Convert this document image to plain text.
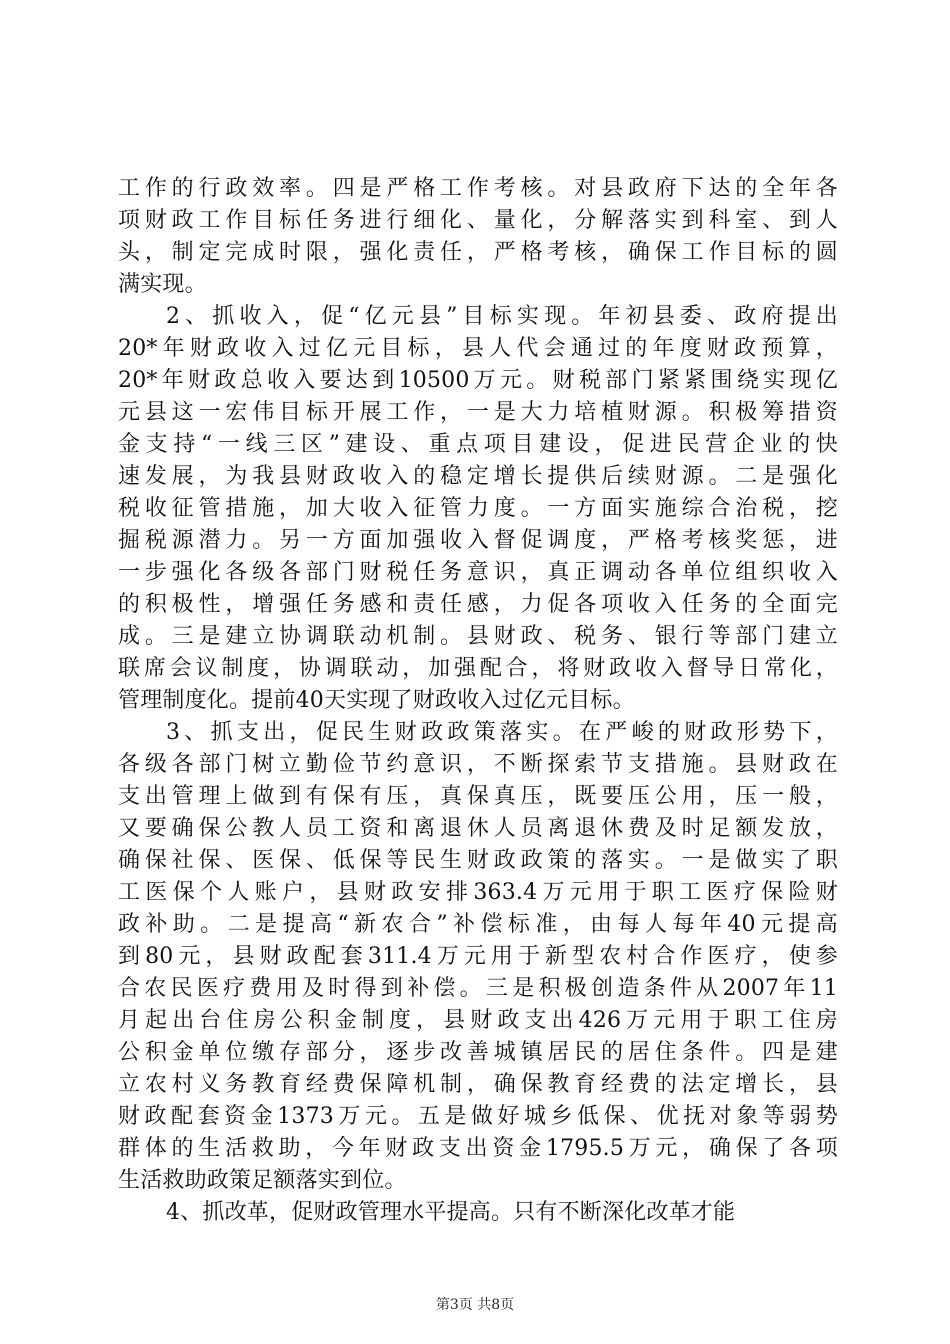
工作的行政效率。四是严格工作考核。对县政府下达的全年各
项财政工作目标任务进行细化、量化，分解落实到科室、到人
头，制定完成时限，强化责任，严格考核，确保工作目标的圆
满实现。
2、抓收入，促“亿元县”目标实现。年初县委、政府提出
20*年财政收入过亿元目标，县人代会通过的年度财政预算，
20*年财政总收入要达到10500万元。财税部门紧紧围绕实现亿
元县这一宏伟目标开展工作，一是大力培植财源。积极筹措资
金支持“一线三区”建设、重点项目建设，促进民营企业的快
速发展，为我县财政收入的稳定增长提供后续财源。二是强化
税收征管措施，加大收入征管力度。一方面实施综合治税，挖
掘税源潜力。另一方面加强收入督促调度，严格考核奖惩，进
一步强化各级各部门财税任务意识，真正调动各单位组织收入
的积极性，增强任务感和责任感，力促各项收入任务的全面完
成。三是建立协调联动机制。县财政、税务、银行等部门建立
联席会议制度，协调联动，加强配合，将财政收入督导日常化，
管理制度化。提前40天实现了财政收入过亿元目标。
3、抓支出，促民生财政政策落实。在严峻的财政形势下，
各级各部门树立勤俭节约意识，不断探索节支措施。县财政在
支出管理上做到有保有压，真保真压，既要压公用，压一般，
又要确保公教人员工资和离退休人员离退休费及时足额发放，
确保社保、医保、低保等民生财政政策的落实。一是做实了职
工医保个人账户，县财政安排363.4万元用于职工医疗保险财
政补助。二是提高“新农合”补偿标准，由每人每年40元提高
到80元，县财政配套311.4万元用于新型农村合作医疗，使参
合农民医疗费用及时得到补偿。三是积极创造条件从2007年11
月起出台住房公积金制度，县财政支出426万元用于职工住房
公积金单位缴存部分，逐步改善城镇居民的居住条件。四是建
立农村义务教育经费保障机制，确保教育经费的法定增长，县
财政配套资金1373万元。五是做好城乡低保、优抚对象等弱势
群体的生活救助，今年财政支出资金1795.5万元，确保了各项
生活救助政策足额落实到位。
4、抓改革，促财政管理水平提高。只有不断深化改革才能
第3页 共8页
